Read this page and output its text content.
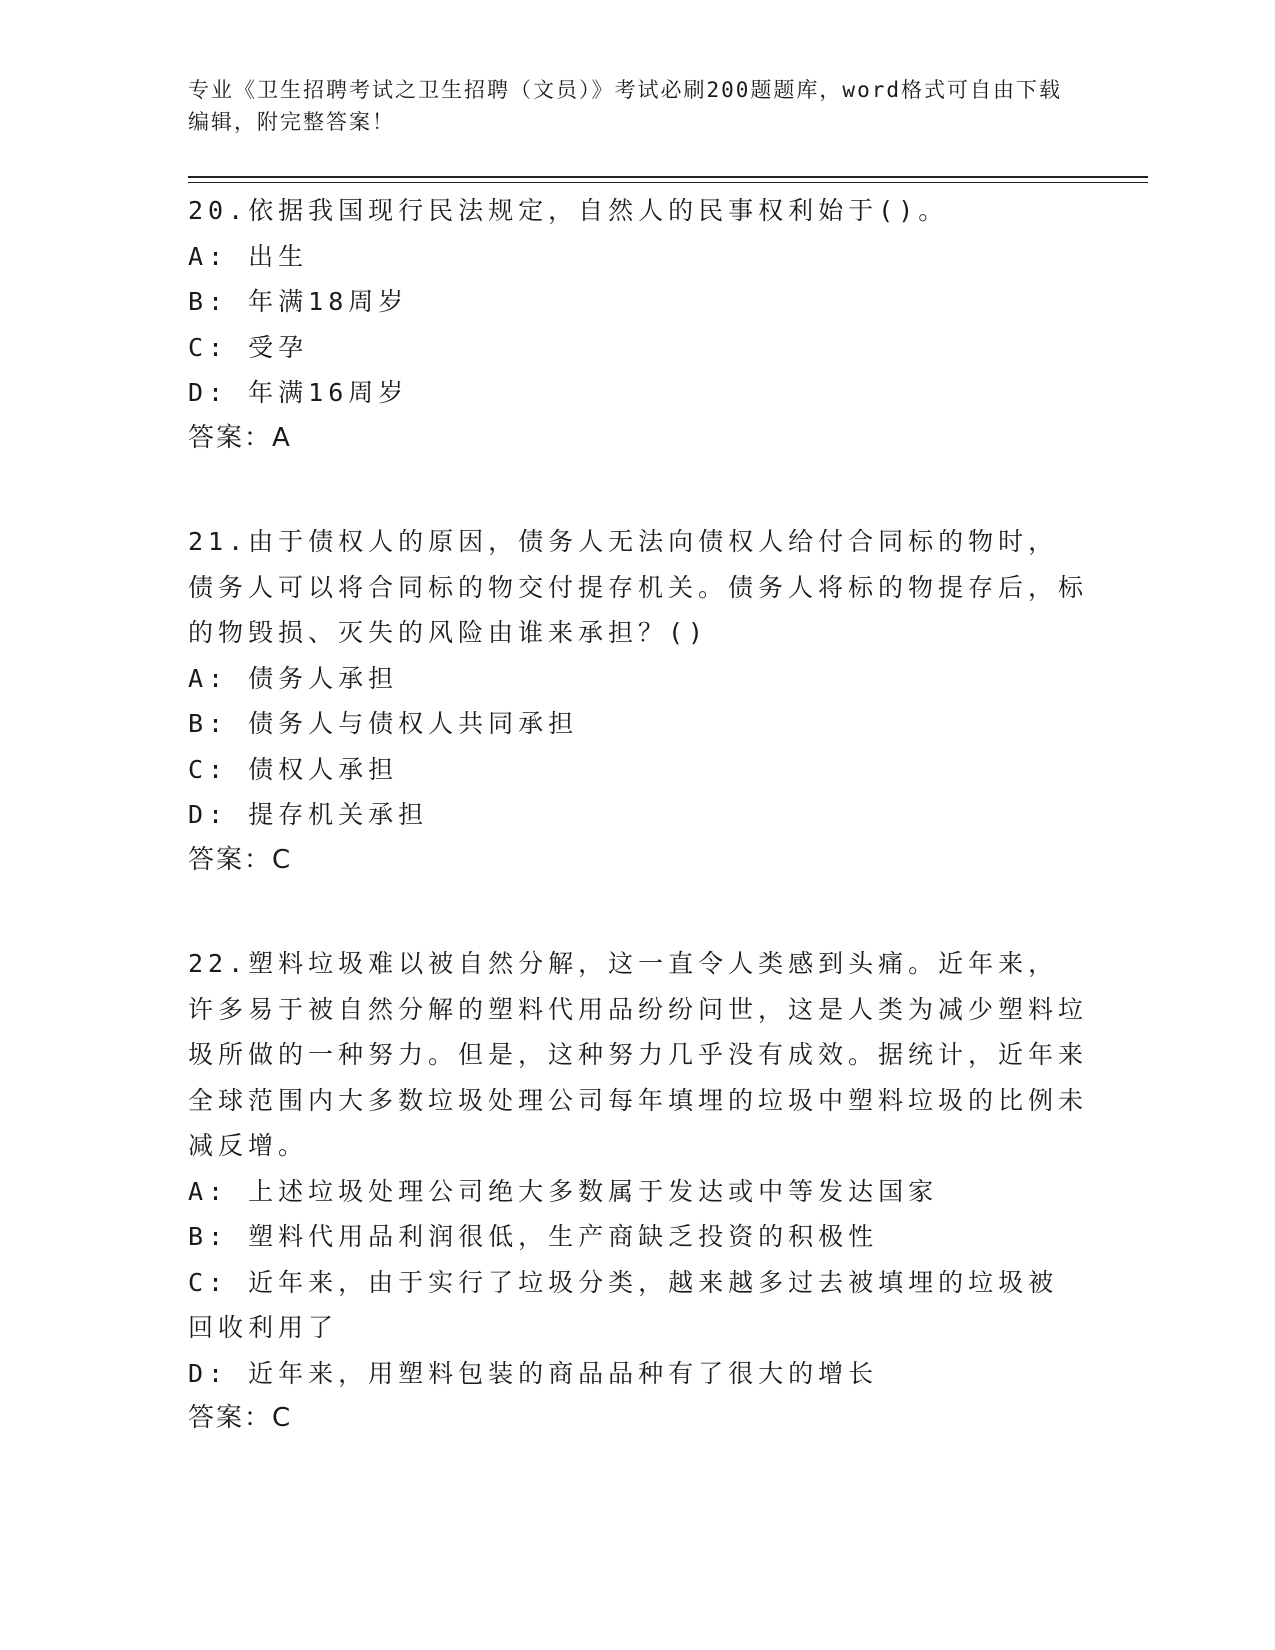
专业《卫生招聘考试之卫生招聘（文员）》考试必刷200题题库，word格式可自由下载编辑，附完整答案！
20.依据我国现行民法规定，自然人的民事权利始于()。
A: 出生
B: 年满18周岁
C: 受孕
D: 年满16周岁
答案：A
21.由于债权人的原因，债务人无法向债权人给付合同标的物时，债务人可以将合同标的物交付提存机关。债务人将标的物提存后，标的物毁损、灭失的风险由谁来承担？()
A: 债务人承担
B: 债务人与债权人共同承担
C: 债权人承担
D: 提存机关承担
答案：C
22.塑料垃圾难以被自然分解，这一直令人类感到头痛。近年来，许多易于被自然分解的塑料代用品纷纷问世，这是人类为减少塑料垃圾所做的一种努力。但是，这种努力几乎没有成效。据统计，近年来全球范围内大多数垃圾处理公司每年填埋的垃圾中塑料垃圾的比例未减反增。
A: 上述垃圾处理公司绝大多数属于发达或中等发达国家
B: 塑料代用品利润很低，生产商缺乏投资的积极性
C: 近年来，由于实行了垃圾分类，越来越多过去被填埋的垃圾被回收利用了
D: 近年来，用塑料包装的商品品种有了很大的增长
答案：C
